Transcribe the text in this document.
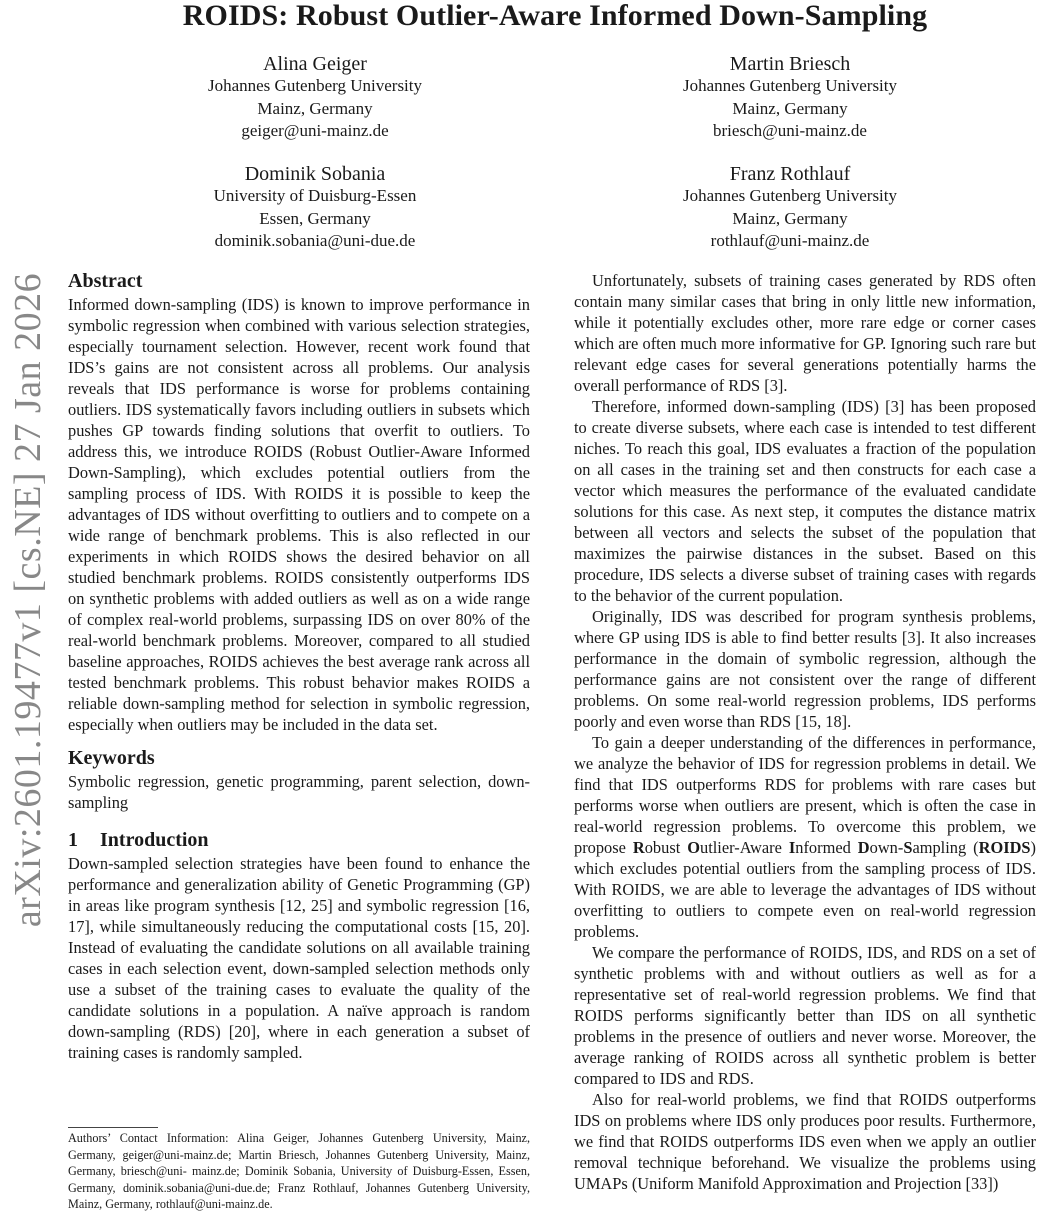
ROIDS: Robust Outlier-Aware Informed Down-Sampling
arXiv:2601.19477v1 [cs.NE] 27 Jan 2026
Alina Geiger
Johannes Gutenberg University
Mainz, Germany
geiger@uni-mainz.de
Martin Briesch
Johannes Gutenberg University
Mainz, Germany
briesch@uni-mainz.de
Dominik Sobania
University of Duisburg-Essen
Essen, Germany
dominik.sobania@uni-due.de
Franz Rothlauf
Johannes Gutenberg University
Mainz, Germany
rothlauf@uni-mainz.de
Abstract

Informed down-sampling (IDS) is known to improve performance in symbolic regression when combined with various selection strategies, especially tournament selection. However, recent work found that IDS’s gains are not consistent across all problems. Our analysis reveals that IDS performance is worse for problems containing outliers. IDS systematically favors including outliers in subsets which pushes GP towards finding solutions that overfit to outliers. To address this, we introduce ROIDS (Robust Outlier-Aware Informed Down-Sampling), which excludes potential outliers from the sampling process of IDS. With ROIDS it is possible to keep the advantages of IDS without overfitting to outliers and to compete on a wide range of benchmark problems. This is also reflected in our experiments in which ROIDS shows the desired behavior on all studied benchmark problems. ROIDS consistently outperforms IDS on synthetic problems with added outliers as well as on a wide range of complex real-world problems, surpassing IDS on over 80% of the real-world benchmark problems. Moreover, compared to all studied baseline approaches, ROIDS achieves the best average rank across all tested benchmark problems. This robust behavior makes ROIDS a reliable down-sampling method for selection in symbolic regression, especially when outliers may be included in the data set.

Keywords

Symbolic regression, genetic programming, parent selection, down-sampling

1 Introduction

Down-sampled selection strategies have been found to enhance the performance and generalization ability of Genetic Programming (GP) in areas like program synthesis [12, 25] and symbolic regression [16, 17], while simultaneously reducing the computational costs [15, 20]. Instead of evaluating the candidate solutions on all available training cases in each selection event, down-sampled selection methods only use a subset of the training cases to evaluate the quality of the candidate solutions in a population. A naïve approach is random down-sampling (RDS) [20], where in each generation a subset of training cases is randomly sampled.

Authors’ Contact Information: Alina Geiger, Johannes Gutenberg University, Mainz, Germany, geiger@uni-mainz.de; Martin Briesch, Johannes Gutenberg University, Mainz, Germany, briesch@uni- mainz.de; Dominik Sobania, University of Duisburg-Essen, Essen, Germany, dominik.sobania@uni-due.de; Franz Rothlauf, Johannes Gutenberg University, Mainz, Germany, rothlauf@uni-mainz.de.

Unfortunately, subsets of training cases generated by RDS often contain many similar cases that bring in only little new information, while it potentially excludes other, more rare edge or corner cases which are often much more informative for GP. Ignoring such rare but relevant edge cases for several generations potentially harms the overall performance of RDS [3].

Therefore, informed down-sampling (IDS) [3] has been proposed to create diverse subsets, where each case is intended to test different niches. To reach this goal, IDS evaluates a fraction of the population on all cases in the training set and then constructs for each case a vector which measures the performance of the evaluated candidate solutions for this case. As next step, it computes the distance matrix between all vectors and selects the subset of the population that maximizes the pairwise distances in the subset. Based on this procedure, IDS selects a diverse subset of training cases with regards to the behavior of the current population.

Originally, IDS was described for program synthesis problems, where GP using IDS is able to find better results [3]. It also increases performance in the domain of symbolic regression, although the performance gains are not consistent over the range of different problems. On some real-world regression problems, IDS performs poorly and even worse than RDS [15, 18].

To gain a deeper understanding of the differences in performance, we analyze the behavior of IDS for regression problems in detail. We find that IDS outperforms RDS for problems with rare cases but performs worse when outliers are present, which is often the case in real-world regression problems. To overcome this problem, we propose Robust Outlier-Aware Informed Down-Sampling (ROIDS) which excludes potential outliers from the sampling process of IDS. With ROIDS, we are able to leverage the advantages of IDS without overfitting to outliers to compete even on real-world regression problems.

We compare the performance of ROIDS, IDS, and RDS on a set of synthetic problems with and without outliers as well as for a representative set of real-world regression problems. We find that ROIDS performs significantly better than IDS on all synthetic problems in the presence of outliers and never worse. Moreover, the average ranking of ROIDS across all synthetic problem is better compared to IDS and RDS.

Also for real-world problems, we find that ROIDS outperforms IDS on problems where IDS only produces poor results. Furthermore, we find that ROIDS outperforms IDS even when we apply an outlier removal technique beforehand. We visualize the problems using UMAPs (Uniform Manifold Approximation and Projection [33])
